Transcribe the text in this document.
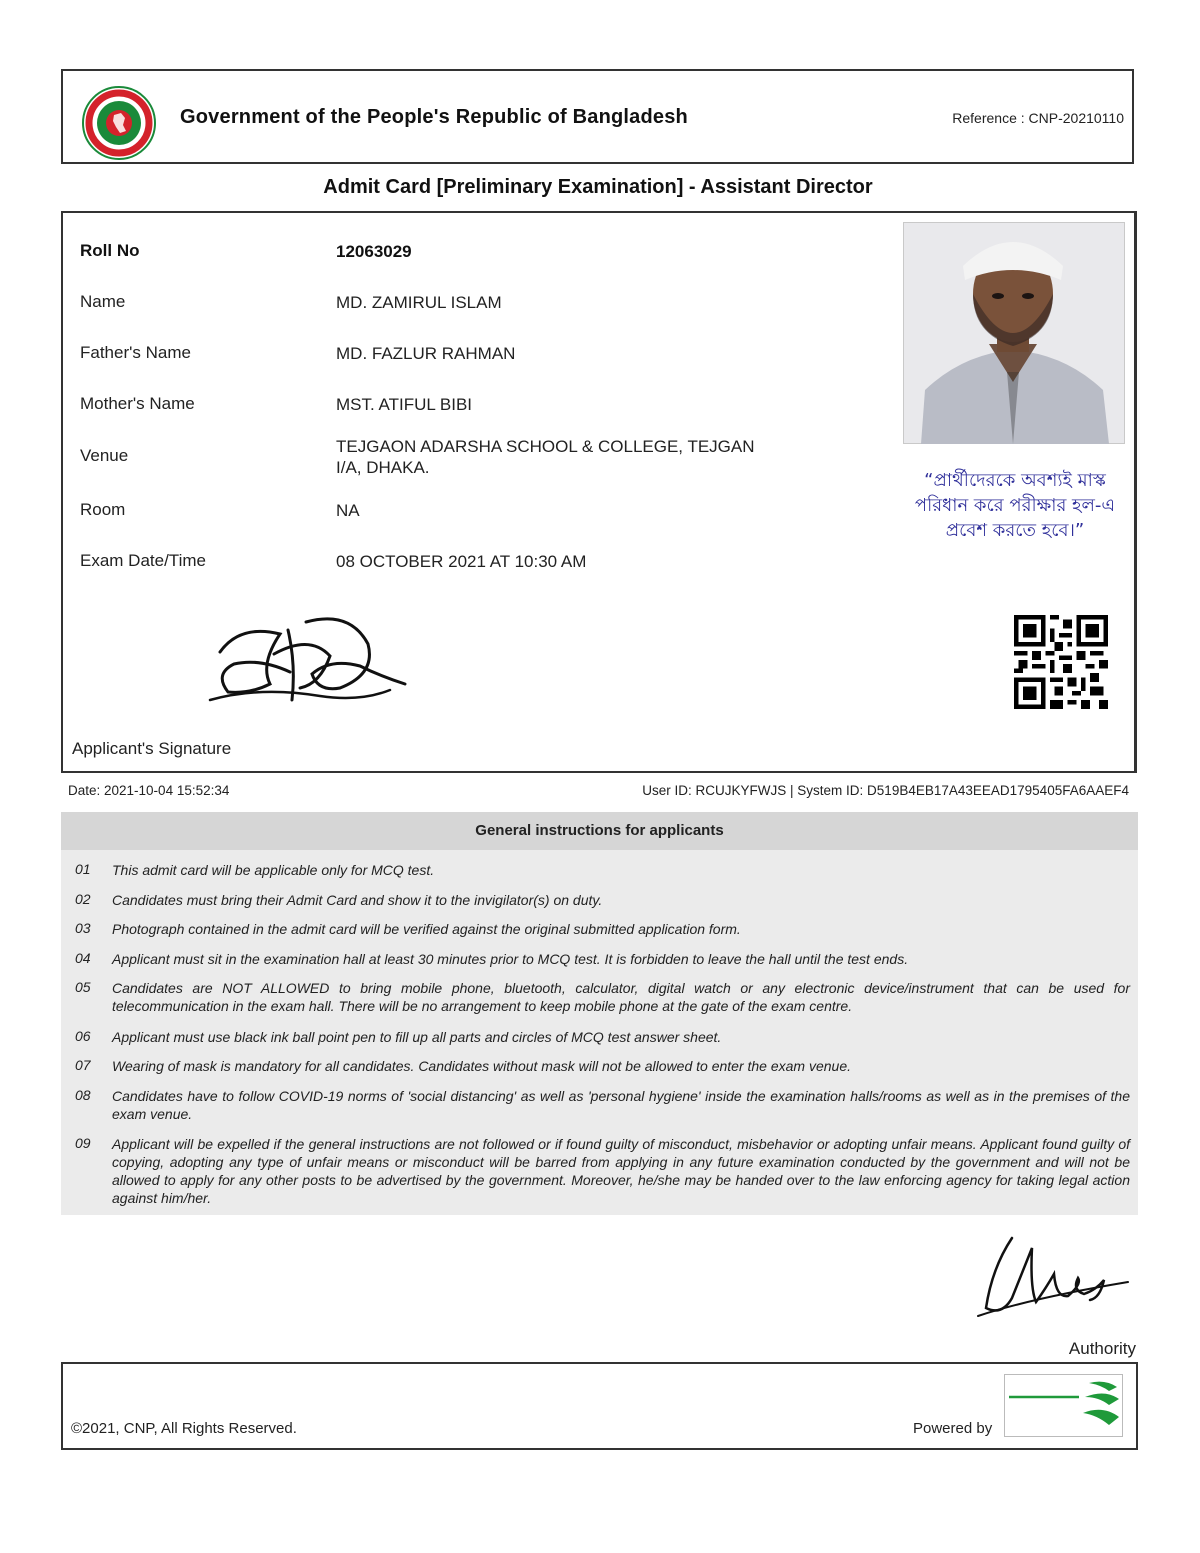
Government of the People's Republic of Bangladesh	Reference : CNP-20210110
Admit Card [Preliminary Examination] - Assistant Director
Roll No	12063029
Name	MD. ZAMIRUL ISLAM
Father's Name	MD. FAZLUR RAHMAN
Mother's Name	MST. ATIFUL BIBI
Venue	TEJGAON ADARSHA SCHOOL & COLLEGE, TEJGAN
I/A, DHAKA.
Room	NA
Exam Date/Time	08 OCTOBER 2021 AT 10:30 AM
“প্রার্থীদেরকে অবশ্যই মাস্ক
পরিধান করে পরীক্ষার হল-এ
প্রবেশ করতে হবে।”
Applicant's Signature
Date: 2021-10-04 15:52:34	User ID: RCUJKYFWJS | System ID: D519B4EB17A43EEAD1795405FA6AAEF4
General instructions for applicants
01 This admit card will be applicable only for MCQ test.
02 Candidates must bring their Admit Card and show it to the invigilator(s) on duty.
03 Photograph contained in the admit card will be verified against the original submitted application form.
04 Applicant must sit in the examination hall at least 30 minutes prior to MCQ test. It is forbidden to leave the hall until the test ends.
05 Candidates are NOT ALLOWED to bring mobile phone, bluetooth, calculator, digital watch or any electronic device/instrument that can be used for telecommunication in the exam hall. There will be no arrangement to keep mobile phone at the gate of the exam centre.
06 Applicant must use black ink ball point pen to fill up all parts and circles of MCQ test answer sheet.
07 Wearing of mask is mandatory for all candidates. Candidates without mask will not be allowed to enter the exam venue.
08 Candidates have to follow COVID-19 norms of 'social distancing' as well as 'personal hygiene' inside the examination halls/rooms as well as in the premises of the exam venue.
09 Applicant will be expelled if the general instructions are not followed or if found guilty of misconduct, misbehavior or adopting unfair means. Applicant found guilty of copying, adopting any type of unfair means or misconduct will be barred from applying in any future examination conducted by the government and will not be allowed to apply for any other posts to be advertised by the government. Moreover, he/she may be handed over to the law enforcing agency for taking legal action against him/her.
Authority
©2021, CNP, All Rights Reserved.	Powered by
